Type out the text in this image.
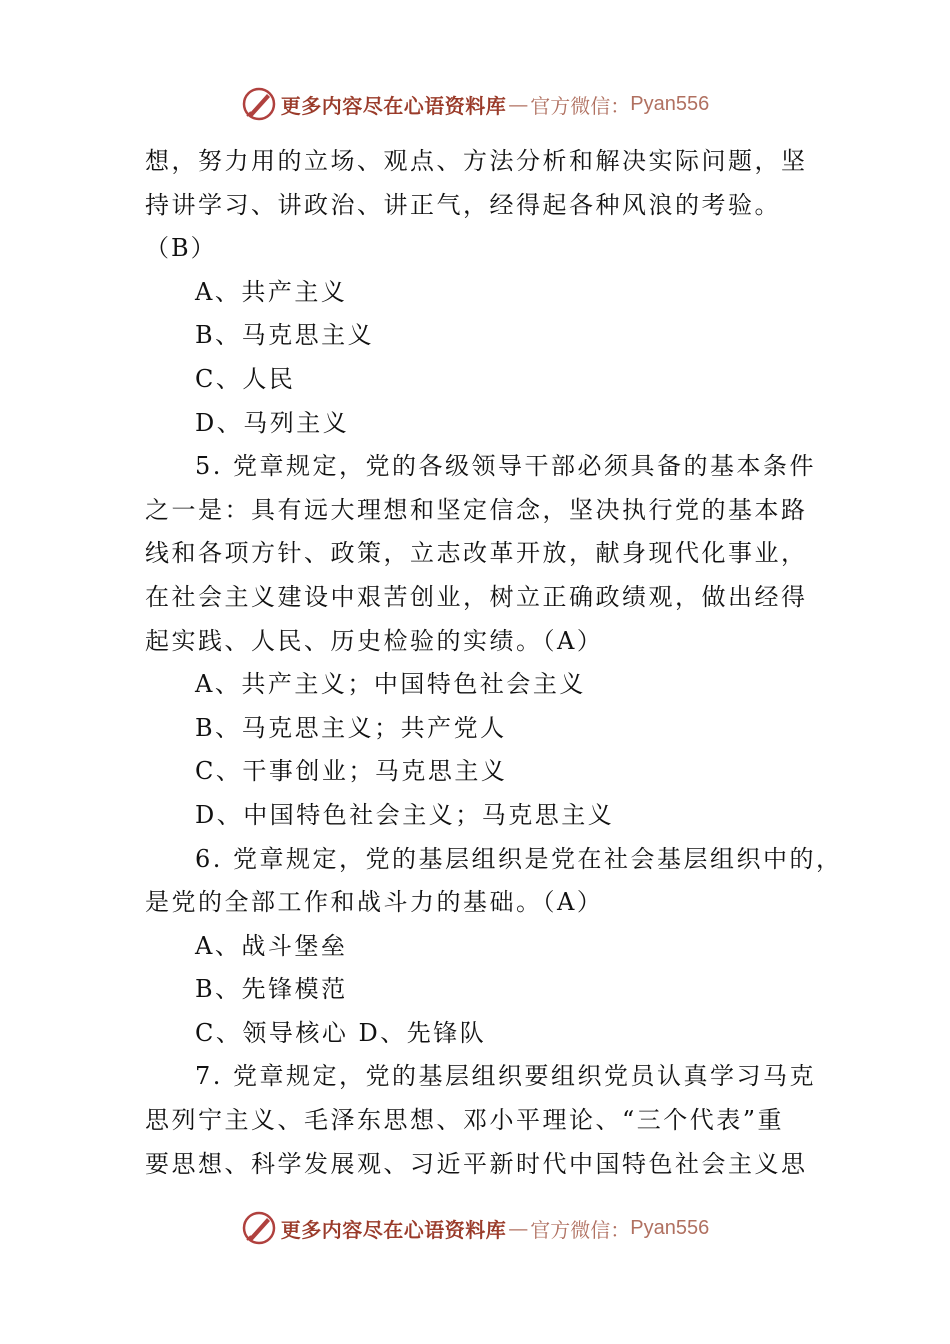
更多内容尽在心语资料库 — 官方微信： Pyan556
想，努力用的立场、观点、方法分析和解决实际问题，坚
持讲学习、讲政治、讲正气，经得起各种风浪的考验。
（B）
A、共产主义
B、马克思主义
C、人民
D、马列主义
5. 党章规定，党的各级领导干部必须具备的基本条件
之一是：具有远大理想和坚定信念，坚决执行党的基本路
线和各项方针、政策，立志改革开放，献身现代化事业，
在社会主义建设中艰苦创业，树立正确政绩观，做出经得
起实践、人民、历史检验的实绩。（A）
A、共产主义；中国特色社会主义
B、马克思主义；共产党人
C、干事创业；马克思主义
D、中国特色社会主义；马克思主义
6. 党章规定，党的基层组织是党在社会基层组织中的，
是党的全部工作和战斗力的基础。（A）
A、战斗堡垒
B、先锋模范
C、领导核心 D、先锋队
7. 党章规定，党的基层组织要组织党员认真学习马克
思列宁主义、毛泽东思想、邓小平理论、“三个代表”重
要思想、科学发展观、习近平新时代中国特色社会主义思
更多内容尽在心语资料库 — 官方微信： Pyan556
